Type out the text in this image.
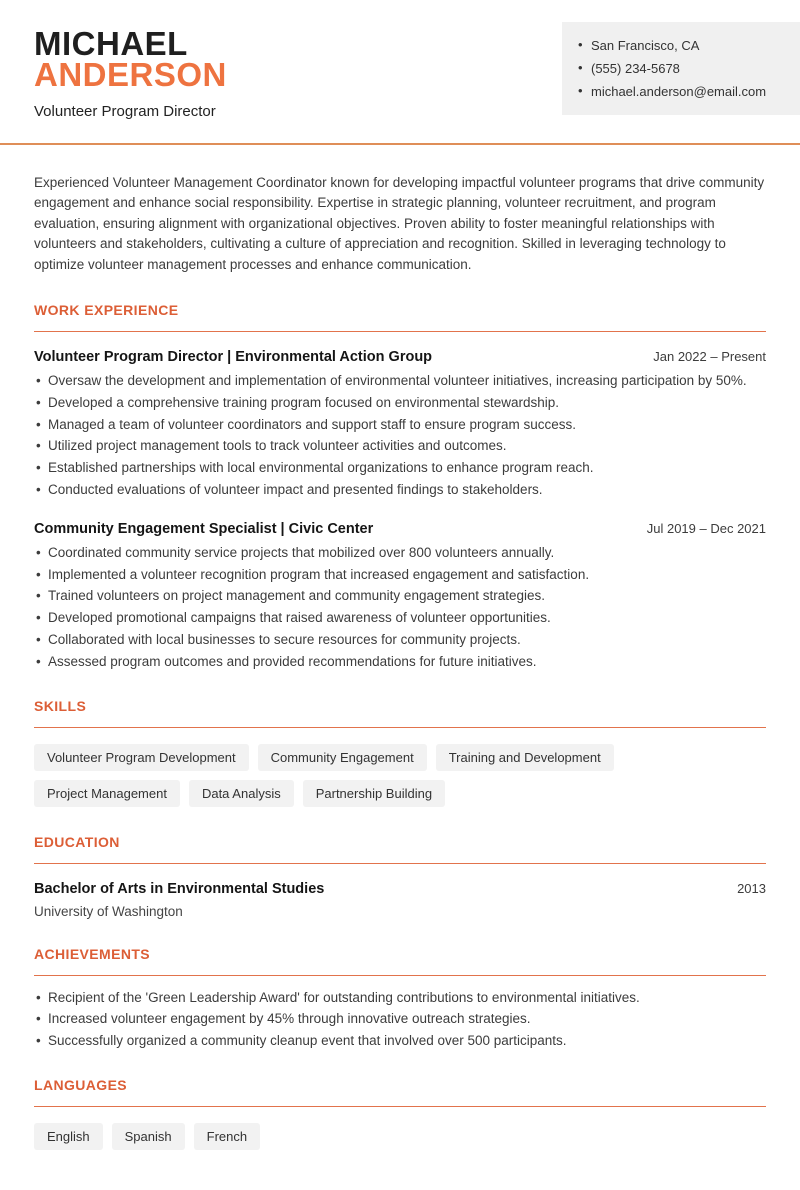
MICHAEL
ANDERSON
Volunteer Program Director
• San Francisco, CA
• (555) 234-5678
• michael.anderson@email.com

Experienced Volunteer Management Coordinator known for developing impactful volunteer programs that drive community engagement and enhance social responsibility. Expertise in strategic planning, volunteer recruitment, and program evaluation, ensuring alignment with organizational objectives. Proven ability to foster meaningful relationships with volunteers and stakeholders, cultivating a culture of appreciation and recognition. Skilled in leveraging technology to optimize volunteer management processes and enhance communication.

WORK EXPERIENCE
Volunteer Program Director | Environmental Action Group	Jan 2022 – Present
• Oversaw the development and implementation of environmental volunteer initiatives, increasing participation by 50%.
• Developed a comprehensive training program focused on environmental stewardship.
• Managed a team of volunteer coordinators and support staff to ensure program success.
• Utilized project management tools to track volunteer activities and outcomes.
• Established partnerships with local environmental organizations to enhance program reach.
• Conducted evaluations of volunteer impact and presented findings to stakeholders.
Community Engagement Specialist | Civic Center	Jul 2019 – Dec 2021
• Coordinated community service projects that mobilized over 800 volunteers annually.
• Implemented a volunteer recognition program that increased engagement and satisfaction.
• Trained volunteers on project management and community engagement strategies.
• Developed promotional campaigns that raised awareness of volunteer opportunities.
• Collaborated with local businesses to secure resources for community projects.
• Assessed program outcomes and provided recommendations for future initiatives.
SKILLS
Volunteer Program Development	Community Engagement	Training and Development
Project Management	Data Analysis	Partnership Building
EDUCATION
Bachelor of Arts in Environmental Studies	2013
University of Washington
ACHIEVEMENTS
• Recipient of the 'Green Leadership Award' for outstanding contributions to environmental initiatives.
• Increased volunteer engagement by 45% through innovative outreach strategies.
• Successfully organized a community cleanup event that involved over 500 participants.
LANGUAGES
English	Spanish	French
